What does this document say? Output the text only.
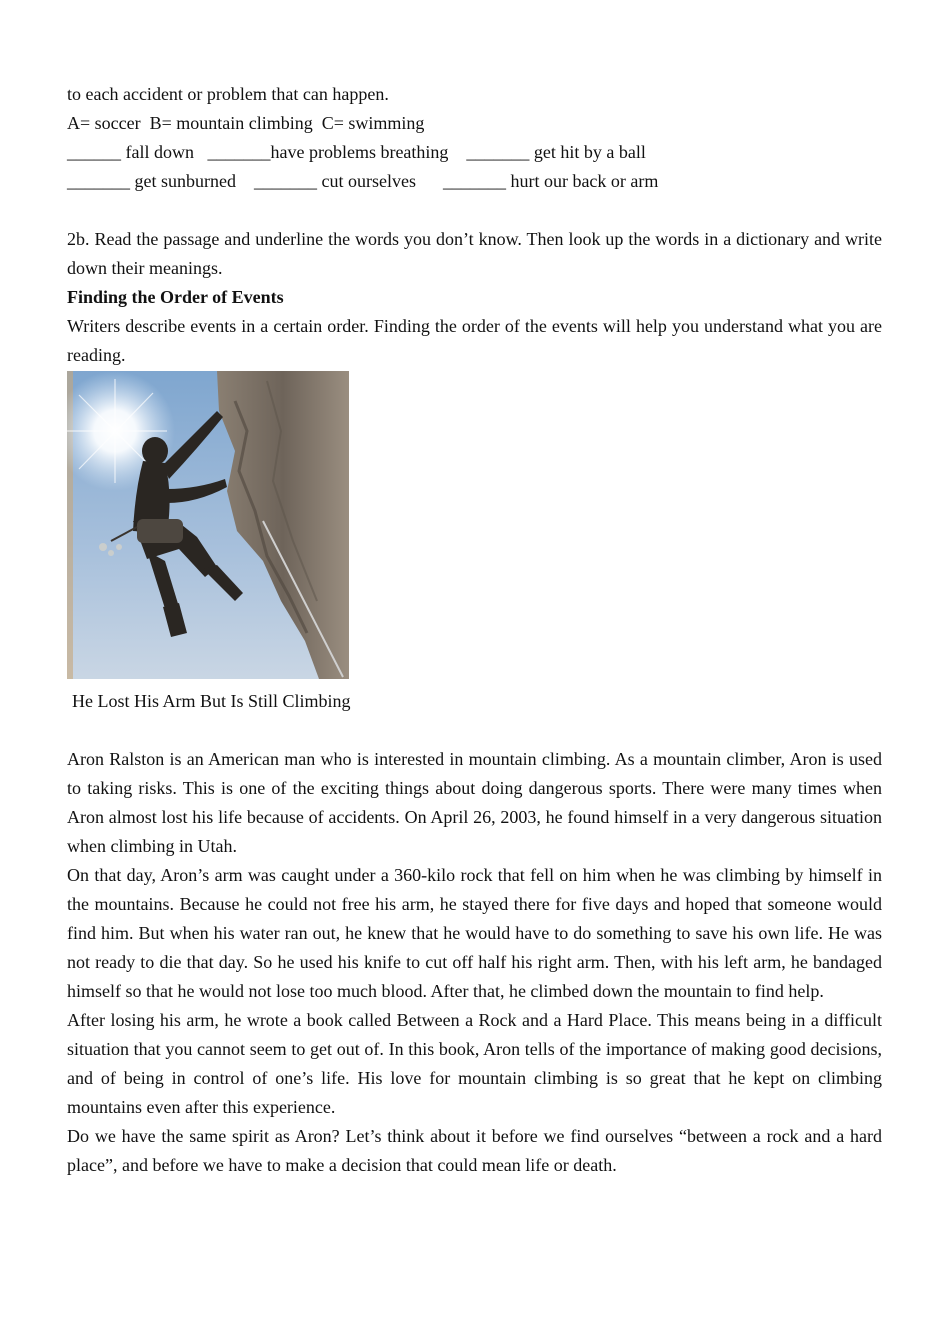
to each accident or problem that can happen.
A= soccer  B= mountain climbing  C= swimming
______ fall down   _______have problems breathing    _______ get hit by a ball
_______ get sunburned    _______ cut ourselves      _______ hurt our back or arm
2b. Read the passage and underline the words you don’t know. Then look up the words in a dictionary and write down their meanings.
Finding the Order of Events
Writers describe events in a certain order. Finding the order of the events will help you understand what you are reading.
He Lost His Arm But Is Still Climbing
Aron Ralston is an American man who is interested in mountain climbing. As a mountain climber, Aron is used to taking risks. This is one of the exciting things about doing dangerous sports. There were many times when Aron almost lost his life because of accidents. On April 26, 2003, he found himself in a very dangerous situation when climbing in Utah.
On that day, Aron’s arm was caught under a 360-kilo rock that fell on him when he was climbing by himself in the mountains. Because he could not free his arm, he stayed there for five days and hoped that someone would find him. But when his water ran out, he knew that he would have to do something to save his own life. He was not ready to die that day. So he used his knife to cut off half his right arm. Then, with his left arm, he bandaged himself so that he would not lose too much blood. After that, he climbed down the mountain to find help.
After losing his arm, he wrote a book called Between a Rock and a Hard Place. This means being in a difficult situation that you cannot seem to get out of. In this book, Aron tells of the importance of making good decisions, and of being in control of one’s life. His love for mountain climbing is so great that he kept on climbing mountains even after this experience.
Do we have the same spirit as Aron? Let’s think about it before we find ourselves “between a rock and a hard place”, and before we have to make a decision that could mean life or death.
